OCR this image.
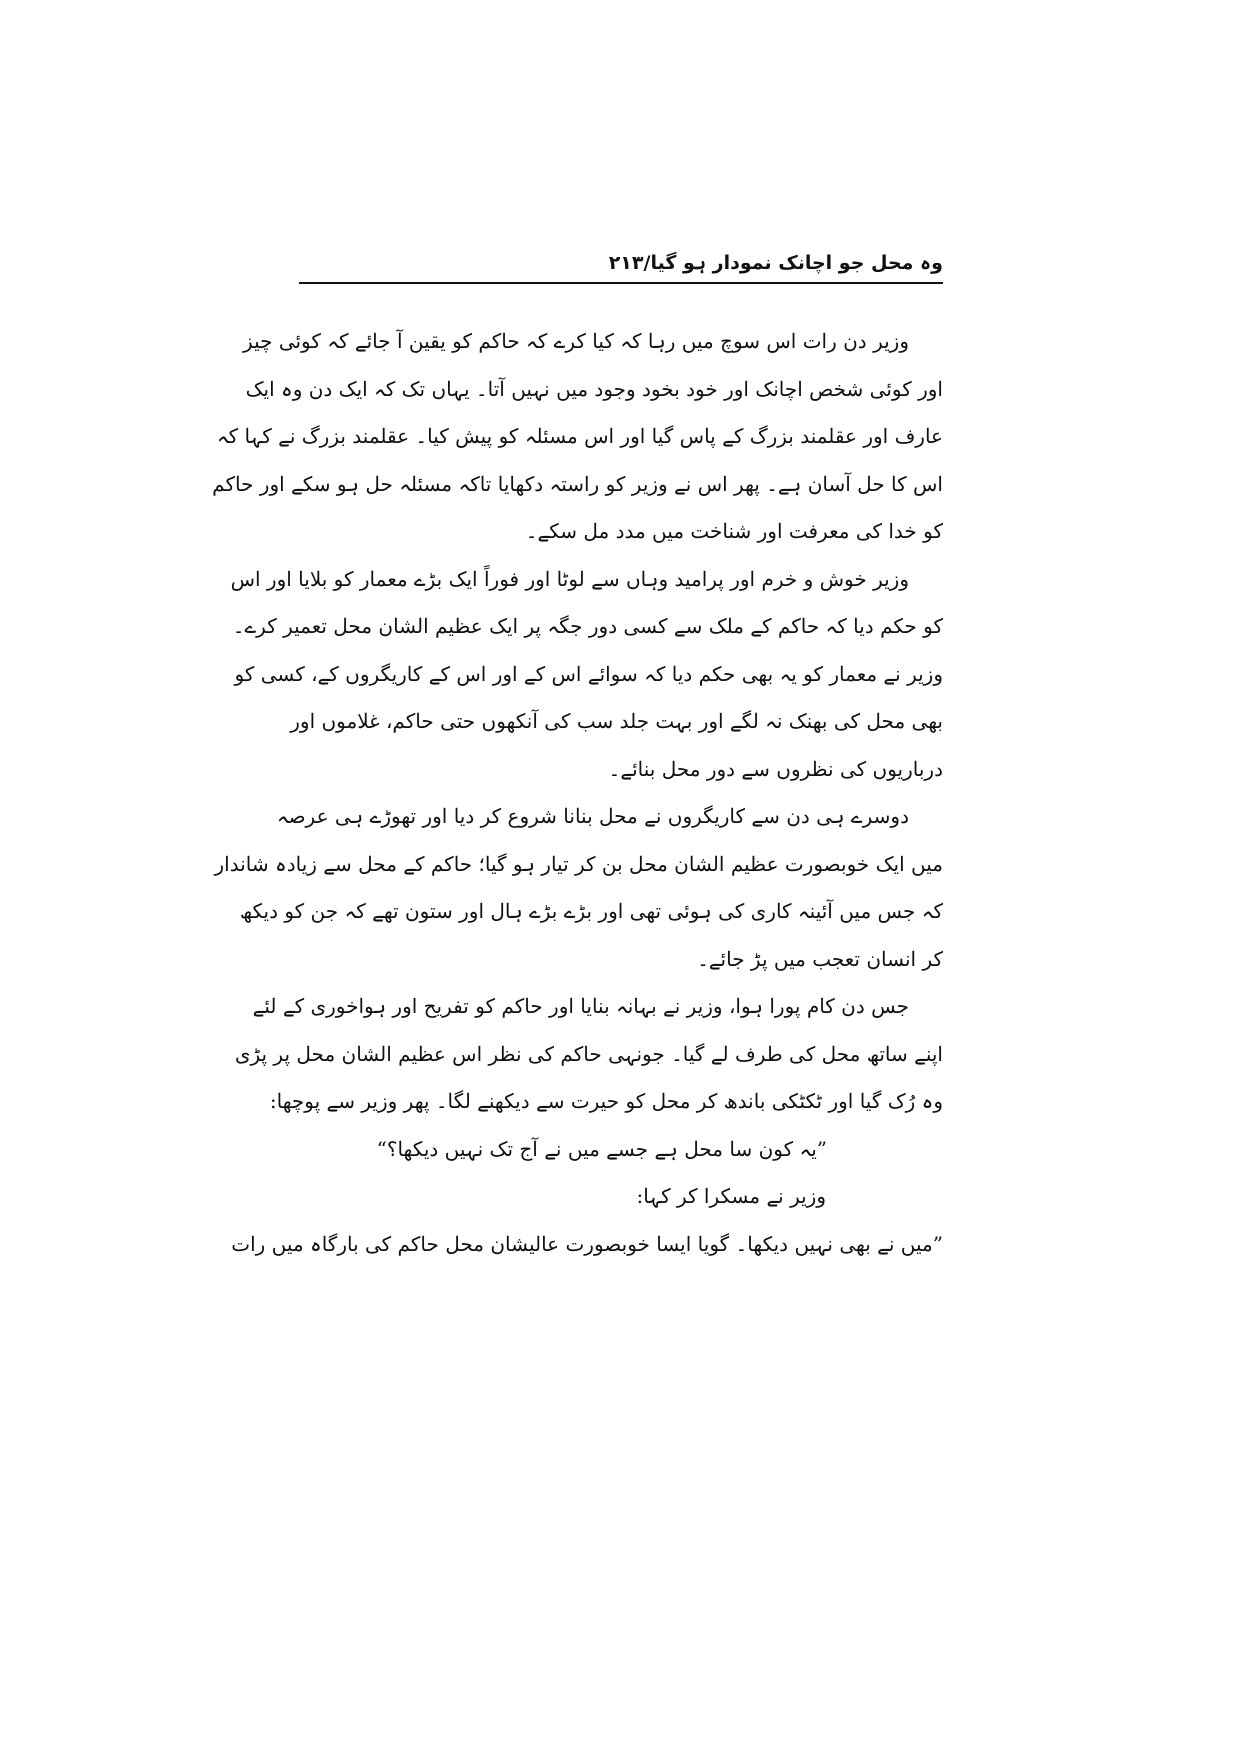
وہ محل جو اچانک نمودار ہو گیا/۲۱۳
وزیر دن رات اس سوچ میں رہا کہ کیا کرے کہ حاکم کو یقین آ جائے کہ کوئی چیز
اور کوئی شخص اچانک اور خود بخود وجود میں نہیں آتا۔ یہاں تک کہ ایک دن وہ ایک
عارف اور عقلمند بزرگ کے پاس گیا اور اس مسئلہ کو پیش کیا۔ عقلمند بزرگ نے کہا کہ
اس کا حل آسان ہے۔ پھر اس نے وزیر کو راستہ دکھایا تاکہ مسئلہ حل ہو سکے اور حاکم
کو خدا کی معرفت اور شناخت میں مدد مل سکے۔
وزیر خوش و خرم اور پرامید وہاں سے لوٹا اور فوراً ایک بڑے معمار کو بلایا اور اس
کو حکم دیا کہ حاکم کے ملک سے کسی دور جگہ پر ایک عظیم الشان محل تعمیر کرے۔
وزیر نے معمار کو یہ بھی حکم دیا کہ سوائے اس کے اور اس کے کاریگروں کے، کسی کو
بھی محل کی بھنک نہ لگے اور بہت جلد سب کی آنکھوں حتی حاکم، غلاموں اور
درباریوں کی نظروں سے دور محل بنائے۔
دوسرے ہی دن سے کاریگروں نے محل بنانا شروع کر دیا اور تھوڑے ہی عرصہ
میں ایک خوبصورت عظیم الشان محل بن کر تیار ہو گیا؛ حاکم کے محل سے زیادہ شاندار
کہ جس میں آئینہ کاری کی ہوئی تھی اور بڑے بڑے ہال اور ستون تھے کہ جن کو دیکھ
کر انسان تعجب میں پڑ جائے۔
جس دن کام پورا ہوا، وزیر نے بہانہ بنایا اور حاکم کو تفریح اور ہواخوری کے لئے
اپنے ساتھ محل کی طرف لے گیا۔ جونہی حاکم کی نظر اس عظیم الشان محل پر پڑی
وہ رُک گیا اور ٹکٹکی باندھ کر محل کو حیرت سے دیکھنے لگا۔ پھر وزیر سے پوچھا:
”یہ کون سا محل ہے جسے میں نے آج تک نہیں دیکھا؟“
وزیر نے مسکرا کر کہا:
”میں نے بھی نہیں دیکھا۔ گویا ایسا خوبصورت عالیشان محل حاکم کی بارگاہ میں رات
